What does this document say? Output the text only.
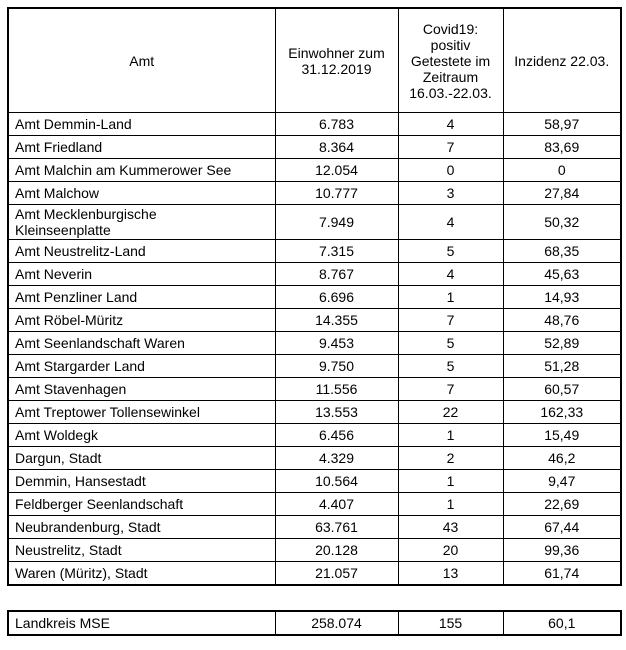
Amt	Einwohner zum 31.12.2019	Covid19: positiv Getestete im Zeitraum 16.03.-22.03.	Inzidenz 22.03.
Amt Demmin-Land	6.783	4	58,97
Amt Friedland	8.364	7	83,69
Amt Malchin am Kummerower See	12.054	0	0
Amt Malchow	10.777	3	27,84
Amt Mecklenburgische Kleinseenplatte	7.949	4	50,32
Amt Neustrelitz-Land	7.315	5	68,35
Amt Neverin	8.767	4	45,63
Amt Penzliner Land	6.696	1	14,93
Amt Röbel-Müritz	14.355	7	48,76
Amt Seenlandschaft Waren	9.453	5	52,89
Amt Stargarder Land	9.750	5	51,28
Amt Stavenhagen	11.556	7	60,57
Amt Treptower Tollensewinkel	13.553	22	162,33
Amt Woldegk	6.456	1	15,49
Dargun, Stadt	4.329	2	46,2
Demmin, Hansestadt	10.564	1	9,47
Feldberger Seenlandschaft	4.407	1	22,69
Neubrandenburg, Stadt	63.761	43	67,44
Neustrelitz, Stadt	20.128	20	99,36
Waren (Müritz), Stadt	21.057	13	61,74
Landkreis MSE	258.074	155	60,1
